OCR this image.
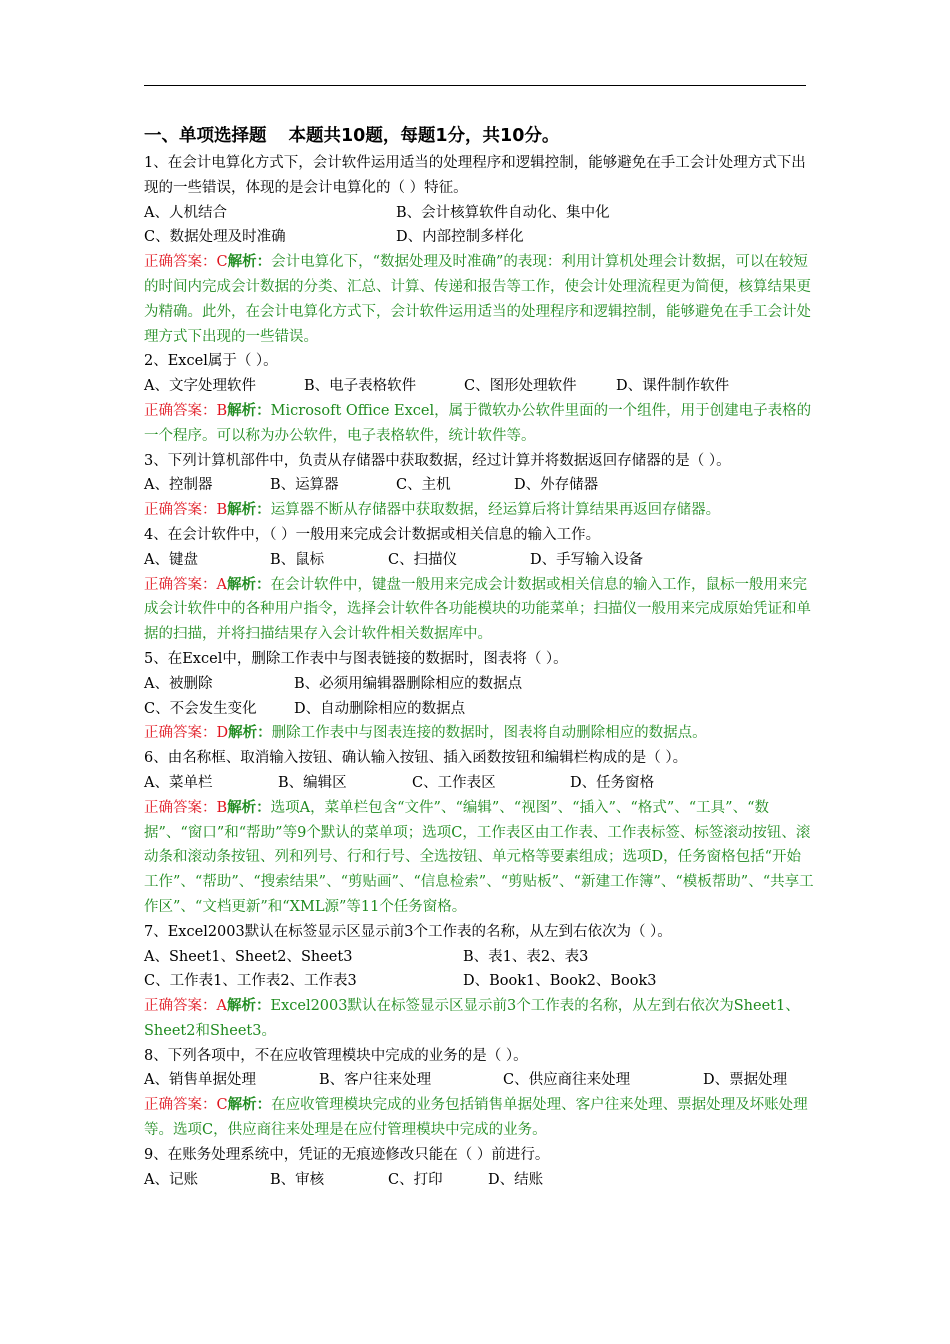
一、单项选择题 本题共10题，每题1分，共10分。
1、在会计电算化方式下，会计软件运用适当的处理程序和逻辑控制，能够避免在手工会计处理方式下出现的一些错误，体现的是会计电算化的（ ）特征。
A、人机结合	B、会计核算软件自动化、集中化
C、数据处理及时准确	D、内部控制多样化
正确答案：C解析：会计电算化下，“数据处理及时准确”的表现：利用计算机处理会计数据，可以在较短的时间内完成会计数据的分类、汇总、计算、传递和报告等工作，使会计处理流程更为简便，核算结果更为精确。此外，在会计电算化方式下，会计软件运用适当的处理程序和逻辑控制，能够避免在手工会计处理方式下出现的一些错误。
2、Excel属于（ ）。
A、文字处理软件	B、电子表格软件	C、图形处理软件	D、课件制作软件
正确答案：B解析：Microsoft Office Excel，属于微软办公软件里面的一个组件，用于创建电子表格的一个程序。可以称为办公软件，电子表格软件，统计软件等。
3、下列计算机部件中，负责从存储器中获取数据，经过计算并将数据返回存储器的是（ ）。
A、控制器	B、运算器	C、主机	D、外存储器
正确答案：B解析：运算器不断从存储器中获取数据，经运算后将计算结果再返回存储器。
4、在会计软件中，（ ）一般用来完成会计数据或相关信息的输入工作。
A、键盘	B、鼠标	C、扫描仪	D、手写输入设备
正确答案：A解析：在会计软件中，键盘一般用来完成会计数据或相关信息的输入工作，鼠标一般用来完成会计软件中的各种用户指令，选择会计软件各功能模块的功能菜单；扫描仪一般用来完成原始凭证和单据的扫描，并将扫描结果存入会计软件相关数据库中。
5、在Excel中，删除工作表中与图表链接的数据时，图表将（ ）。
A、被删除	B、必须用编辑器删除相应的数据点
C、不会发生变化	D、自动删除相应的数据点
正确答案：D解析：删除工作表中与图表连接的数据时，图表将自动删除相应的数据点。
6、由名称框、取消输入按钮、确认输入按钮、插入函数按钮和编辑栏构成的是（ ）。
A、菜单栏	B、编辑区	C、工作表区	D、任务窗格
正确答案：B解析：选项A，菜单栏包含“文件”、“编辑”、“视图”、“插入”、“格式”、“工具”、“数据”、“窗口”和“帮助”等9个默认的菜单项；选项C，工作表区由工作表、工作表标签、标签滚动按钮、滚动条和滚动条按钮、列和列号、行和行号、全选按钮、单元格等要素组成；选项D，任务窗格包括“开始工作”、“帮助”、“搜索结果”、“剪贴画”、“信息检索”、“剪贴板”、“新建工作簿”、“模板帮助”、“共享工作区”、“文档更新”和“XML源”等11个任务窗格。
7、Excel2003默认在标签显示区显示前3个工作表的名称，从左到右依次为（ ）。
A、Sheet1、Sheet2、Sheet3	B、表1、表2、表3
C、工作表1、工作表2、工作表3	D、Book1、Book2、Book3
正确答案：A解析：Excel2003默认在标签显示区显示前3个工作表的名称，从左到右依次为Sheet1、Sheet2和Sheet3。
8、下列各项中，不在应收管理模块中完成的业务的是（ ）。
A、销售单据处理	B、客户往来处理	C、供应商往来处理	D、票据处理
正确答案：C解析：在应收管理模块完成的业务包括销售单据处理、客户往来处理、票据处理及坏账处理等。选项C，供应商往来处理是在应付管理模块中完成的业务。
9、在账务处理系统中，凭证的无痕迹修改只能在（ ）前进行。
A、记账	B、审核	C、打印	D、结账
